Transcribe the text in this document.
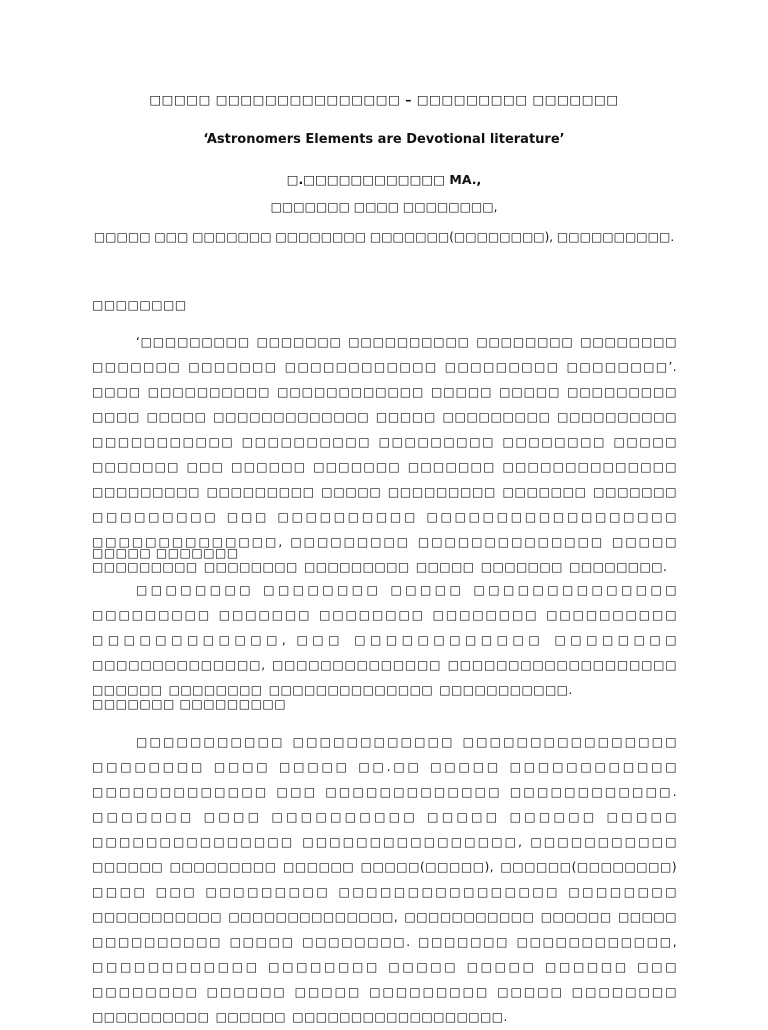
□□□□□ □□□□□□□□□□□□□□□ – □□□□□□□□□ □□□□□□□
‘Astronomers Elements are Devotional literature’
□.□□□□□□□□□□□□ MA.,
□□□□□□□ □□□□ □□□□□□□□,
□□□□□ □□□ □□□□□□□ □□□□□□□□ □□□□□□□(□□□□□□□□), □□□□□□□□□□.
□□□□□□□□
‘□□□□□□□□□ □□□□□□□ □□□□□□□□□□ □□□□□□□□ □□□□□□□□ □□□□□□□ □□□□□□□ □□□□□□□□□□□□ □□□□□□□□□ □□□□□□□□’. □□□□ □□□□□□□□□□ □□□□□□□□□□□□ □□□□□ □□□□□ □□□□□□□□□ □□□□ □□□□□ □□□□□□□□□□□□□ □□□□□ □□□□□□□□□ □□□□□□□□□□ □□□□□□□□□□□ □□□□□□□□□□ □□□□□□□□□ □□□□□□□□ □□□□□ □□□□□□□ □□□ □□□□□□ □□□□□□□ □□□□□□□ □□□□□□□□□□□□□□ □□□□□□□□□ □□□□□□□□□ □□□□□ □□□□□□□□□ □□□□□□□ □□□□□□□ □□□□□□□□□ □□□ □□□□□□□□□□ □□□□□□□□□□□□□□□□□□ □□□□□□□□□□□□□□, □□□□□□□□□ □□□□□□□□□□□□□□ □□□□□ □□□□□□□□□ □□□□□□□□ □□□□□□□□□ □□□□□ □□□□□□□ □□□□□□□□.
□□□□□ □□□□□□□
□□□□□□□□ □□□□□□□□ □□□□□ □□□□□□□□□□□□□□ □□□□□□□□□ □□□□□□□ □□□□□□□□ □□□□□□□□ □□□□□□□□□□ □□□□□□□□□□□□, □□□ □□□□□□□□□□□□ □□□□□□□□ □□□□□□□□□□□□□□, □□□□□□□□□□□□□□ □□□□□□□□□□□□□□□□□□□ □□□□□□ □□□□□□□□ □□□□□□□□□□□□□□ □□□□□□□□□□□.
□□□□□□□ □□□□□□□□□
□□□□□□□□□□□ □□□□□□□□□□□□ □□□□□□□□□□□□□□□□ □□□□□□□□ □□□□ □□□□□ □□.□□ □□□□□ □□□□□□□□□□□□ □□□□□□□□□□□□□ □□□ □□□□□□□□□□□□□ □□□□□□□□□□□□. □□□□□□□ □□□□ □□□□□□□□□□ □□□□□ □□□□□□ □□□□□ □□□□□□□□□□□□□□□ □□□□□□□□□□□□□□□□, □□□□□□□□□□□ □□□□□□ □□□□□□□□□ □□□□□□ □□□□□(□□□□□), □□□□□□(□□□□□□□□) □□□□ □□□ □□□□□□□□□ □□□□□□□□□□□□□□□□ □□□□□□□□ □□□□□□□□□□□ □□□□□□□□□□□□□□, □□□□□□□□□□□ □□□□□□ □□□□□ □□□□□□□□□□ □□□□□ □□□□□□□□. □□□□□□□ □□□□□□□□□□□□, □□□□□□□□□□□□ □□□□□□□□ □□□□□ □□□□□ □□□□□□ □□□ □□□□□□□□ □□□□□□ □□□□□ □□□□□□□□□ □□□□□ □□□□□□□□ □□□□□□□□□□ □□□□□□ □□□□□□□□□□□□□□□□□□.
